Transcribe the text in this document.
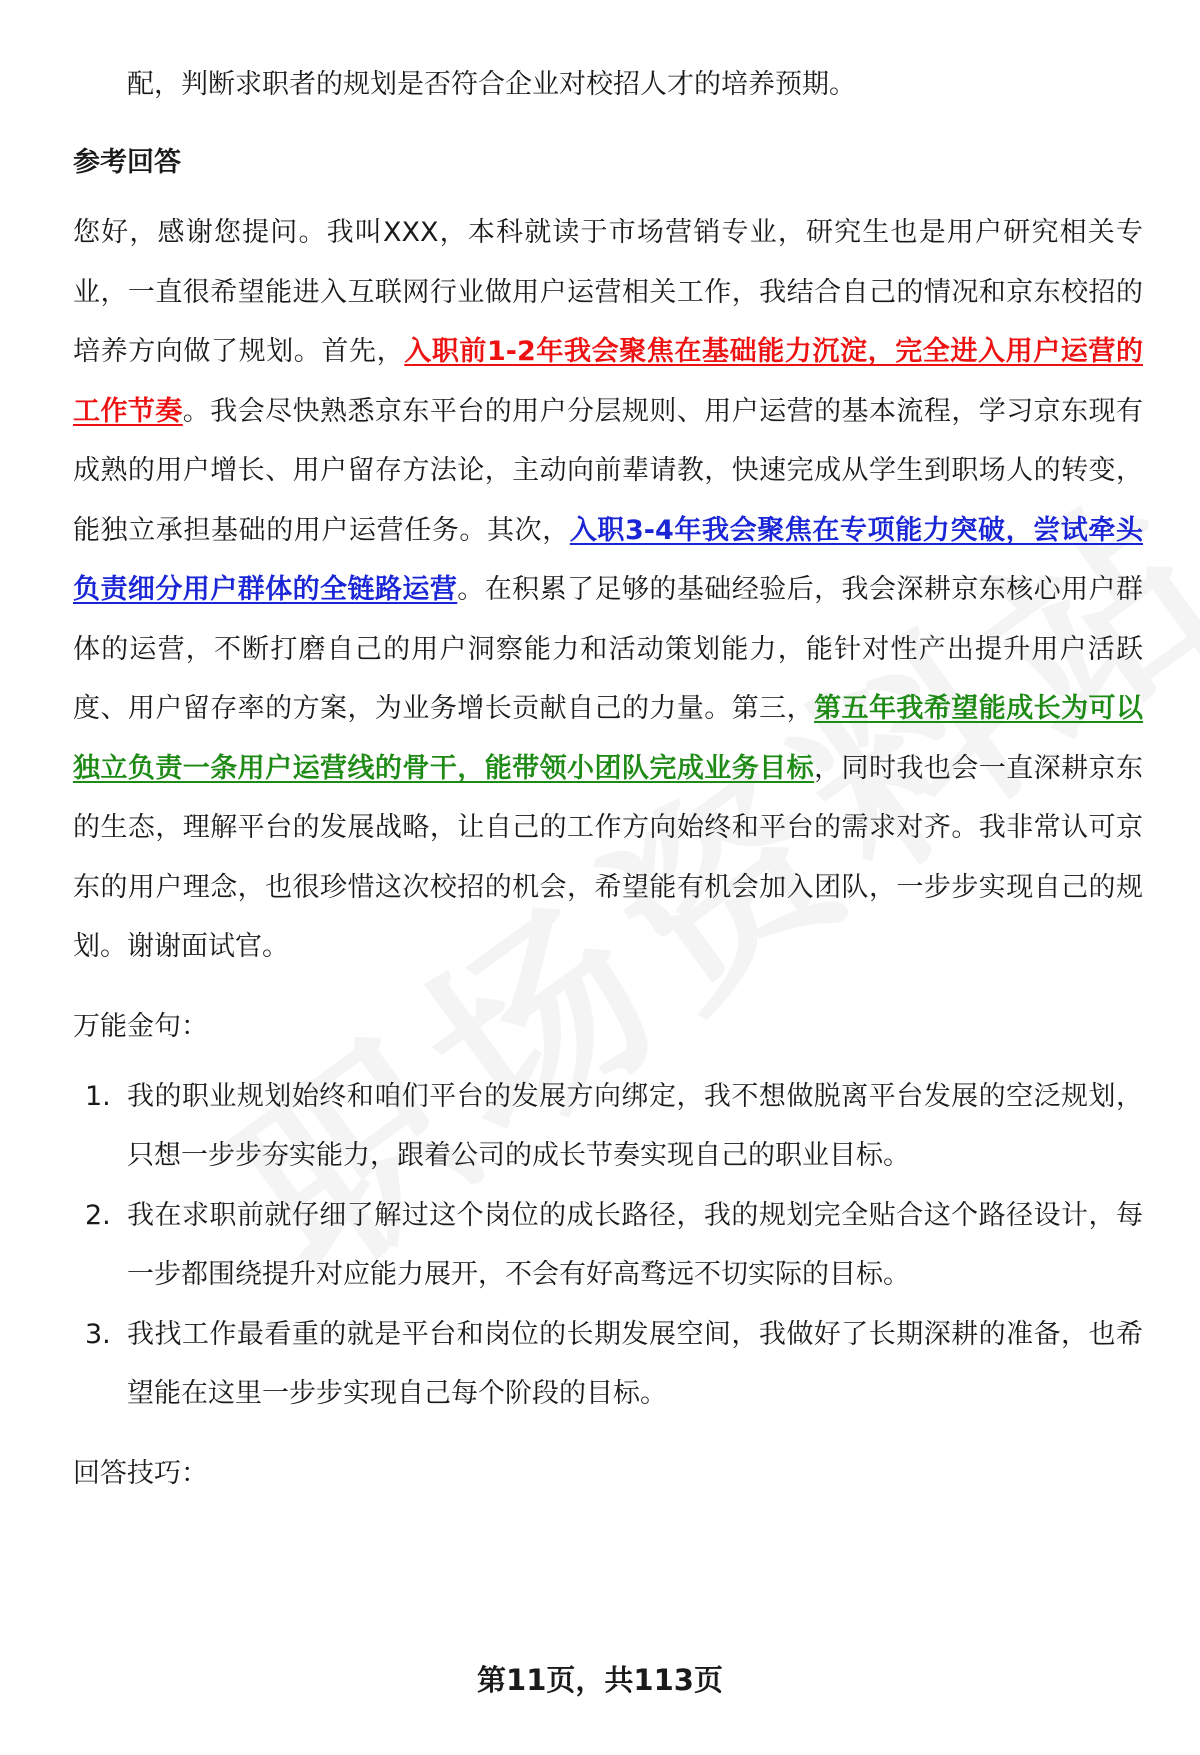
配，判断求职者的规划是否符合企业对校招人才的培养预期。

参考回答

您好，感谢您提问。我叫XXX，本科就读于市场营销专业，研究生也是用户研究相关专业，一直很希望能进入互联网行业做用户运营相关工作，我结合自己的情况和京东校招的培养方向做了规划。首先，入职前1-2年我会聚焦在基础能力沉淀，完全进入用户运营的工作节奏。我会尽快熟悉京东平台的用户分层规则、用户运营的基本流程，学习京东现有成熟的用户增长、用户留存方法论，主动向前辈请教，快速完成从学生到职场人的转变，能独立承担基础的用户运营任务。其次，入职3-4年我会聚焦在专项能力突破，尝试牵头负责细分用户群体的全链路运营。在积累了足够的基础经验后，我会深耕京东核心用户群体的运营，不断打磨自己的用户洞察能力和活动策划能力，能针对性产出提升用户活跃度、用户留存率的方案，为业务增长贡献自己的力量。第三，第五年我希望能成长为可以独立负责一条用户运营线的骨干，能带领小团队完成业务目标，同时我也会一直深耕京东的生态，理解平台的发展战略，让自己的工作方向始终和平台的需求对齐。我非常认可京东的用户理念，也很珍惜这次校招的机会，希望能有机会加入团队，一步步实现自己的规划。谢谢面试官。

万能金句：
1. 我的职业规划始终和咱们平台的发展方向绑定，我不想做脱离平台发展的空泛规划，只想一步步夯实能力，跟着公司的成长节奏实现自己的职业目标。
2. 我在求职前就仔细了解过这个岗位的成长路径，我的规划完全贴合这个路径设计，每一步都围绕提升对应能力展开，不会有好高骛远不切实际的目标。
3. 我找工作最看重的就是平台和岗位的长期发展空间，我做好了长期深耕的准备，也希望能在这里一步步实现自己每个阶段的目标。
回答技巧：
第11页，共113页
